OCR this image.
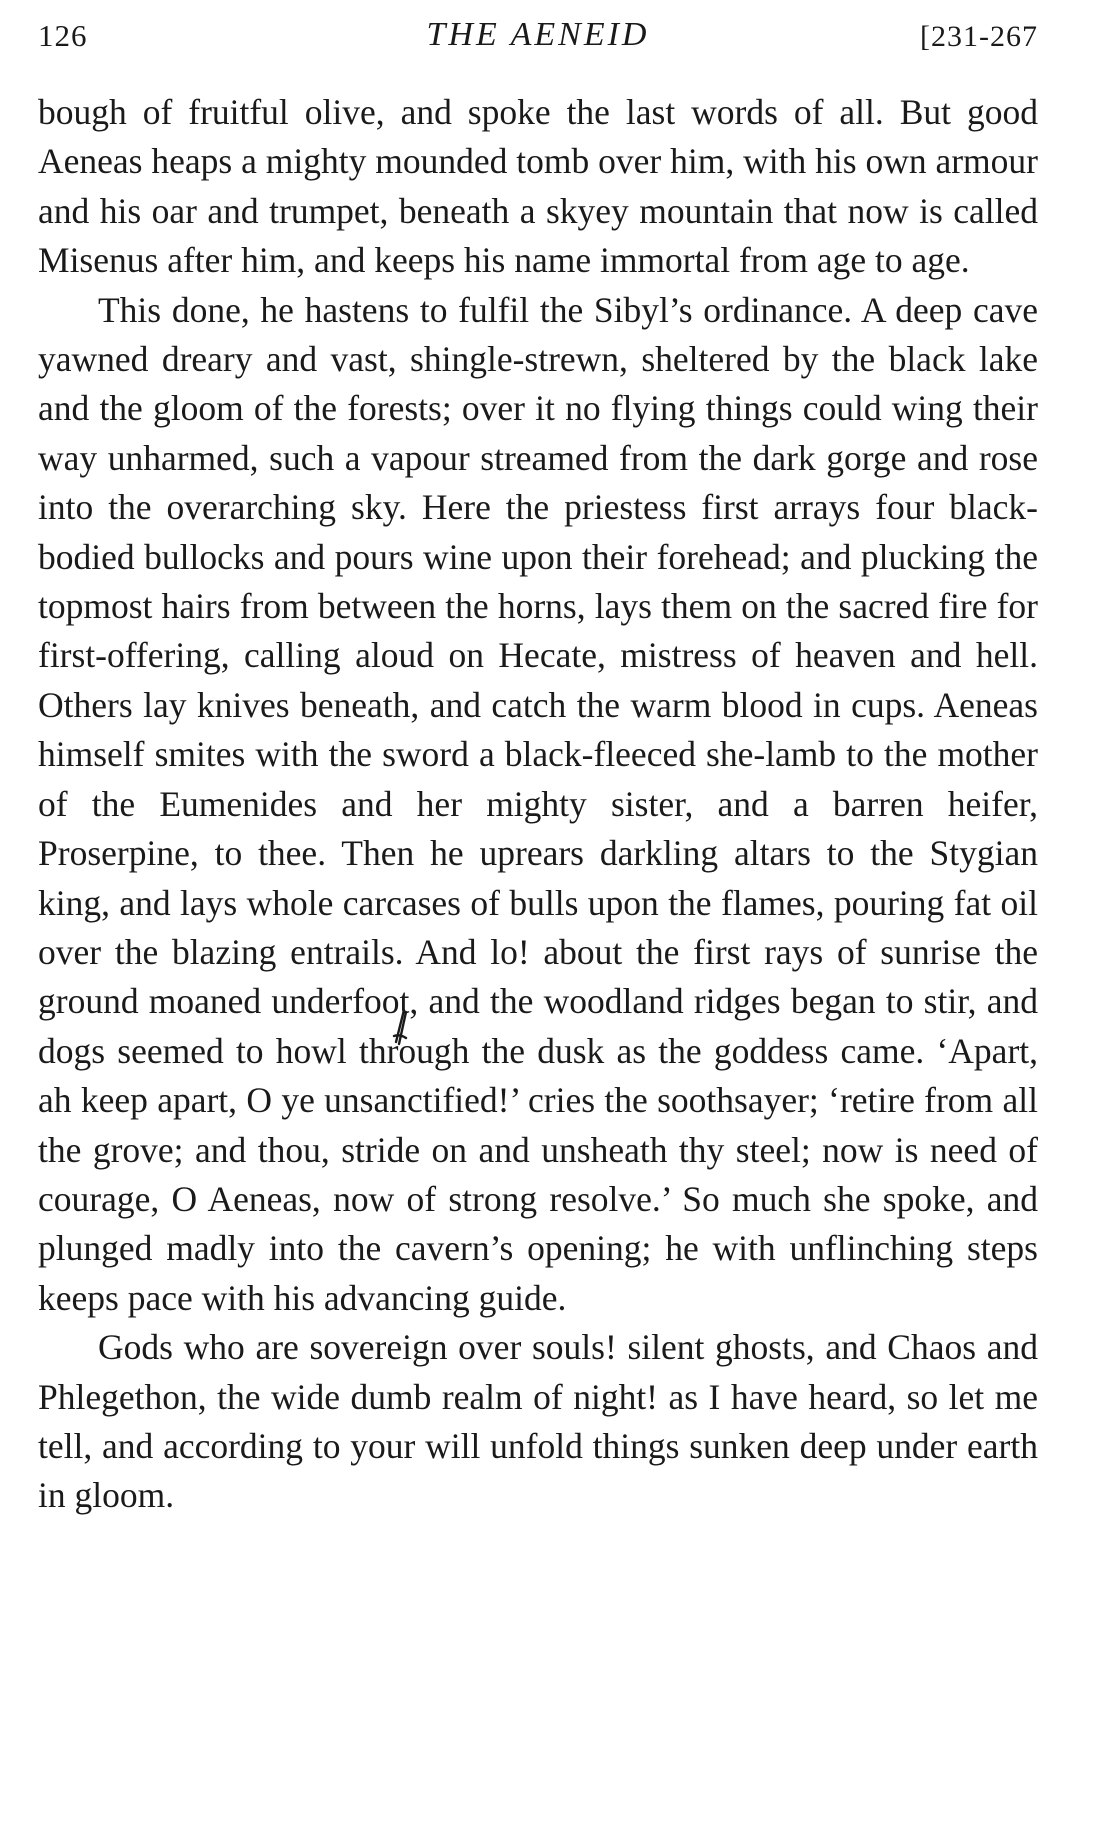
126	THE AENEID	[231-267

bough of fruitful olive, and spoke the last words of all. But good Aeneas heaps a mighty mounded tomb over him, with his own armour and his oar and trumpet, beneath a skyey mountain that now is called Misenus after him, and keeps his name immortal from age to age.

This done, he hastens to fulfil the Sibyl’s ordinance. A deep cave yawned dreary and vast, shingle-strewn, sheltered by the black lake and the gloom of the forests; over it no flying things could wing their way unharmed, such a vapour streamed from the dark gorge and rose into the overarching sky. Here the priestess first arrays four black-bodied bullocks and pours wine upon their forehead; and plucking the topmost hairs from between the horns, lays them on the sacred fire for first-offering, calling aloud on Hecate, mistress of heaven and hell. Others lay knives beneath, and catch the warm blood in cups. Aeneas himself smites with the sword a black-fleeced she-lamb to the mother of the Eumenides and her mighty sister, and a barren heifer, Proserpine, to thee. Then he uprears darkling altars to the Stygian king, and lays whole carcases of bulls upon the flames, pouring fat oil over the blazing entrails. And lo! about the first rays of sunrise the ground moaned underfoot, and the woodland ridges began to stir, and dogs seemed to howl through the dusk as the goddess came. ‘Apart, ah keep apart, O ye unsanctified!’ cries the soothsayer; ‘retire from all the grove; and thou, stride on and unsheath thy steel; now is need of courage, O Aeneas, now of strong resolve.’ So much she spoke, and plunged madly into the cavern’s opening; he with unflinching steps keeps pace with his advancing guide.

Gods who are sovereign over souls! silent ghosts, and Chaos and Phlegethon, the wide dumb realm of night! as I have heard, so let me tell, and according to your will unfold things sunken deep under earth in gloom.
